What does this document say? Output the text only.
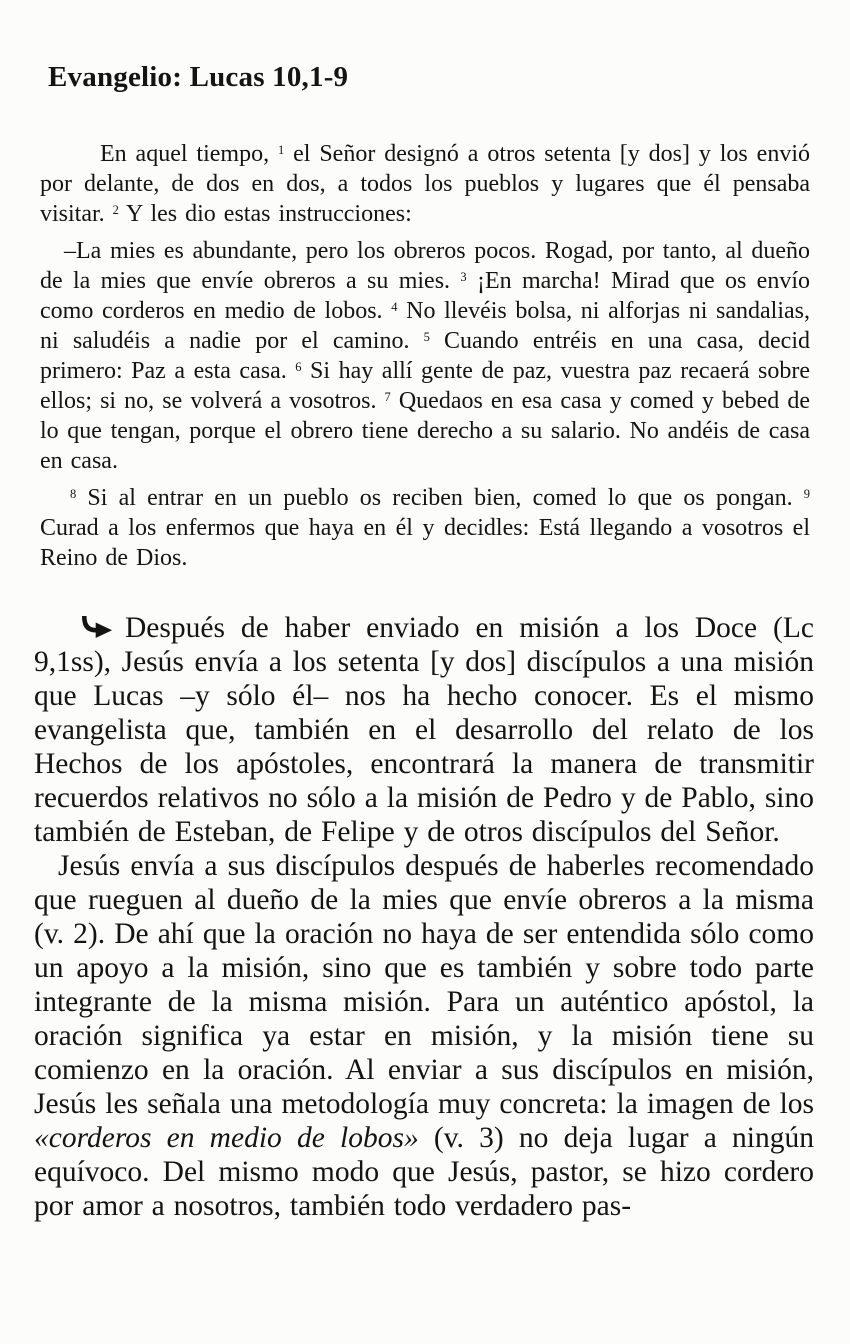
Evangelio: Lucas 10,1-9

En aquel tiempo, $^1$ el Señor designó a otros setenta [y dos] y los envió por delante, de dos en dos, a todos los pueblos y lugares que él pensaba visitar. $^2$ Y les dio estas instrucciones:

–La mies es abundante, pero los obreros pocos. Rogad, por tanto, al dueño de la mies que envíe obreros a su mies. $^3$ ¡En marcha! Mirad que os envío como corderos en medio de lobos. $^4$ No llevéis bolsa, ni alforjas ni sandalias, ni saludéis a nadie por el camino. $^5$ Cuando entréis en una casa, decid primero: Paz a esta casa. $^6$ Si hay allí gente de paz, vuestra paz recaerá sobre ellos; si no, se volverá a vosotros. $^7$ Quedaos en esa casa y comed y bebed de lo que tengan, porque el obrero tiene derecho a su salario. No andéis de casa en casa.

$^8$ Si al entrar en un pueblo os reciben bien, comed lo que os pongan. $^9$ Curad a los enfermos que haya en él y decidles: Está llegando a vosotros el Reino de Dios.

Después de haber enviado en misión a los Doce (Lc 9,1ss), Jesús envía a los setenta [y dos] discípulos a una misión que Lucas –y sólo él– nos ha hecho conocer. Es el mismo evangelista que, también en el desarrollo del relato de los Hechos de los apóstoles, encontrará la manera de transmitir recuerdos relativos no sólo a la misión de Pedro y de Pablo, sino también de Esteban, de Felipe y de otros discípulos del Señor.

Jesús envía a sus discípulos después de haberles recomendado que rueguen al dueño de la mies que envíe obreros a la misma (v. 2). De ahí que la oración no haya de ser entendida sólo como un apoyo a la misión, sino que es también y sobre todo parte integrante de la misma misión. Para un auténtico apóstol, la oración significa ya estar en misión, y la misión tiene su comienzo en la oración. Al enviar a sus discípulos en misión, Jesús les señala una metodología muy concreta: la imagen de los «corderos en medio de lobos» (v. 3) no deja lugar a ningún equívoco. Del mismo modo que Jesús, pastor, se hizo cordero por amor a nosotros, también todo verdadero pas-
